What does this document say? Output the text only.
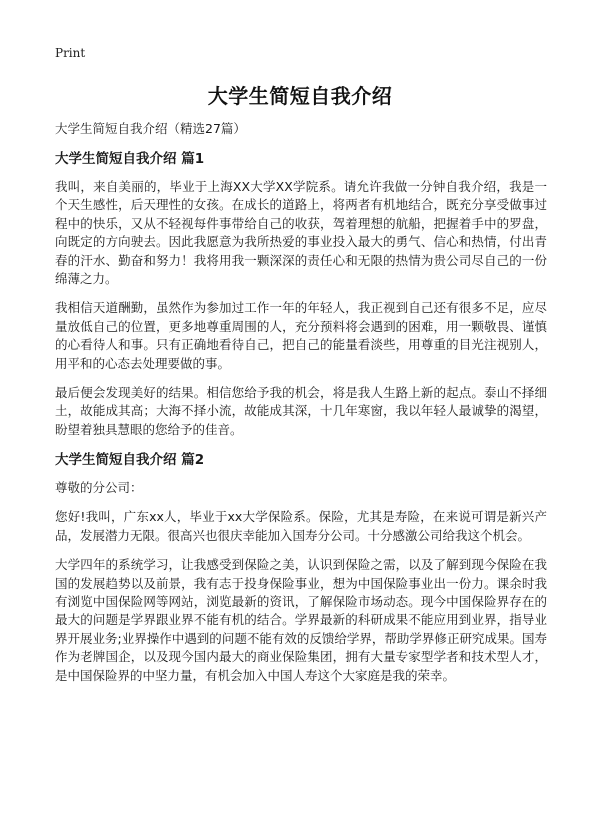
Print
大学生简短自我介绍
大学生简短自我介绍（精选27篇）
大学生简短自我介绍 篇1

我叫，来自美丽的，毕业于上海XX大学XX学院系。请允许我做一分钟自我介绍，我是一个天生感性，后天理性的女孩。在成长的道路上，将两者有机地结合，既充分享受做事过程中的快乐，又从不轻视每件事带给自己的收获，驾着理想的航船，把握着手中的罗盘，向既定的方向驶去。因此我愿意为我所热爱的事业投入最大的勇气、信心和热情，付出青春的汗水、勤奋和努力！我将用我一颗深深的责任心和无限的热情为贵公司尽自己的一份绵薄之力。

我相信天道酬勤，虽然作为参加过工作一年的年轻人，我正视到自己还有很多不足，应尽量放低自己的位置，更多地尊重周围的人，充分预料将会遇到的困难，用一颗敬畏、谨慎的心看待人和事。只有正确地看待自己，把自己的能量看淡些，用尊重的目光注视别人，用平和的心态去处理要做的事。

最后便会发现美好的结果。相信您给予我的机会，将是我人生路上新的起点。泰山不择细土，故能成其高；大海不择小流，故能成其深，十几年寒窗，我以年轻人最诚挚的渴望，盼望着独具慧眼的您给予的佳音。

大学生简短自我介绍 篇2
尊敬的分公司：

您好!我叫，广东xx人，毕业于xx大学保险系。保险，尤其是寿险，在来说可谓是新兴产品，发展潜力无限。很高兴也很庆幸能加入国寿分公司。十分感激公司给我这个机会。

大学四年的系统学习，让我感受到保险之美，认识到保险之需，以及了解到现今保险在我国的发展趋势以及前景，我有志于投身保险事业，想为中国保险事业出一份力。课余时我有浏览中国保险网等网站，浏览最新的资讯，了解保险市场动态。现今中国保险界存在的最大的问题是学界跟业界不能有机的结合。学界最新的科研成果不能应用到业界，指导业界开展业务;业界操作中遇到的问题不能有效的反馈给学界，帮助学界修正研究成果。国寿作为老牌国企，以及现今国内最大的商业保险集团，拥有大量专家型学者和技术型人才，是中国保险界的中坚力量，有机会加入中国人寿这个大家庭是我的荣幸。
